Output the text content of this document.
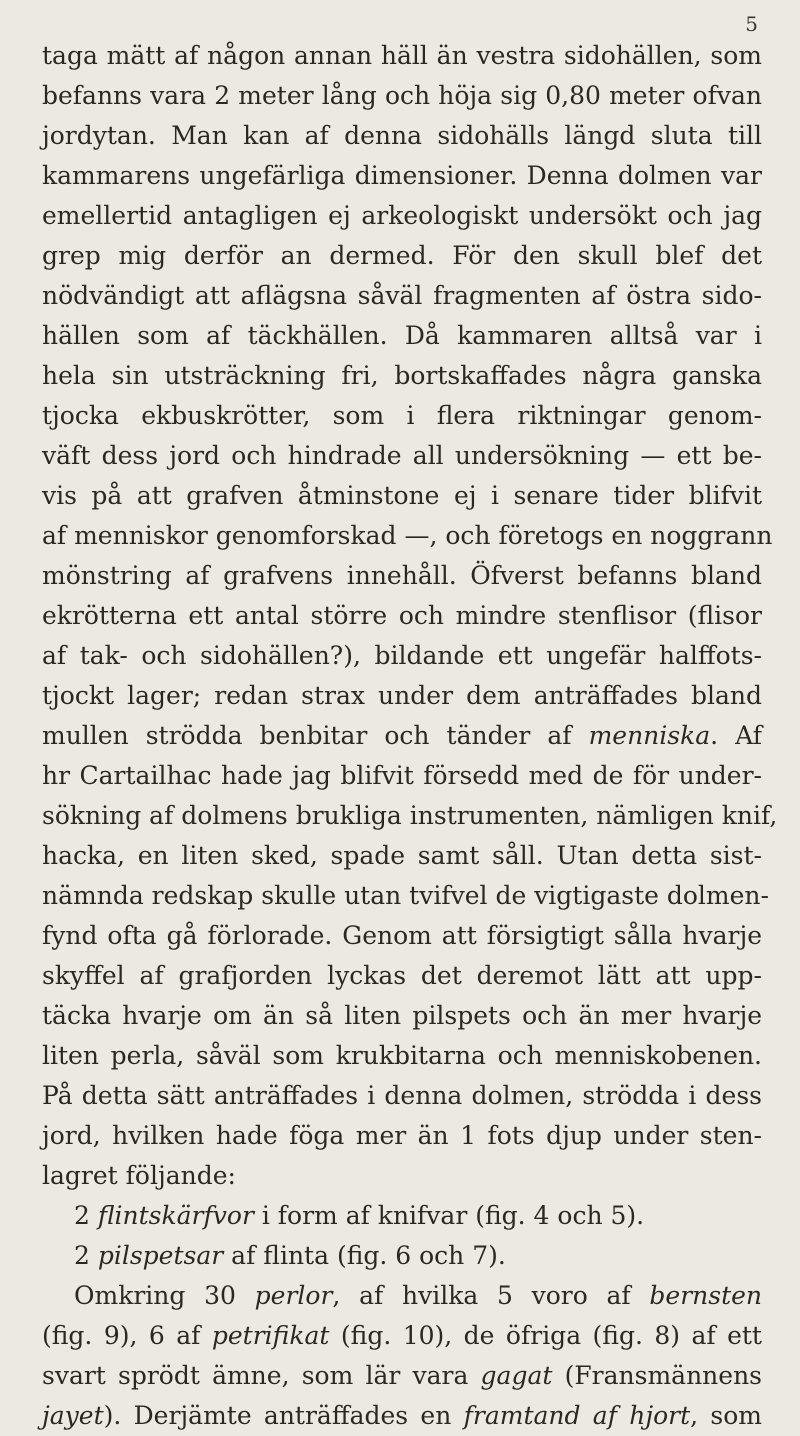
5
taga mätt af någon annan häll än vestra sidohällen, som
befanns vara 2 meter lång och höja sig 0,80 meter ofvan
jordytan. Man kan af denna sidohälls längd sluta till
kammarens ungefärliga dimensioner. Denna dolmen var
emellertid antagligen ej arkeologiskt undersökt och jag
grep mig derför an dermed. För den skull blef det
nödvändigt att aflägsna såväl fragmenten af östra sido-
hällen som af täckhällen. Då kammaren alltså var i
hela sin utsträckning fri, bortskaffades några ganska
tjocka ekbuskrötter, som i flera riktningar genom-
väft dess jord och hindrade all undersökning — ett be-
vis på att grafven åtminstone ej i senare tider blifvit
af menniskor genomforskad —, och företogs en noggrann
mönstring af grafvens innehåll. Öfverst befanns bland
ekrötterna ett antal större och mindre stenflisor (flisor
af tak- och sidohällen?), bildande ett ungefär halffots-
tjockt lager; redan strax under dem anträffades bland
mullen strödda benbitar och tänder af menniska. Af
hr Cartailhac hade jag blifvit försedd med de för under-
sökning af dolmens brukliga instrumenten, nämligen knif,
hacka, en liten sked, spade samt såll. Utan detta sist-
nämnda redskap skulle utan tvifvel de vigtigaste dolmen-
fynd ofta gå förlorade. Genom att försigtigt sålla hvarje
skyffel af grafjorden lyckas det deremot lätt att upp-
täcka hvarje om än så liten pilspets och än mer hvarje
liten perla, såväl som krukbitarna och menniskobenen.
På detta sätt anträffades i denna dolmen, strödda i dess
jord, hvilken hade föga mer än 1 fots djup under sten-
lagret följande:
2 flintskärfvor i form af knifvar (fig. 4 och 5).
2 pilspetsar af flinta (fig. 6 och 7).
Omkring 30 perlor, af hvilka 5 voro af bernsten
(fig. 9), 6 af petrifikat (fig. 10), de öfriga (fig. 8) af ett
svart sprödt ämne, som lär vara gagat (Fransmännens
jayet). Derjämte anträffades en framtand af hjort, som
